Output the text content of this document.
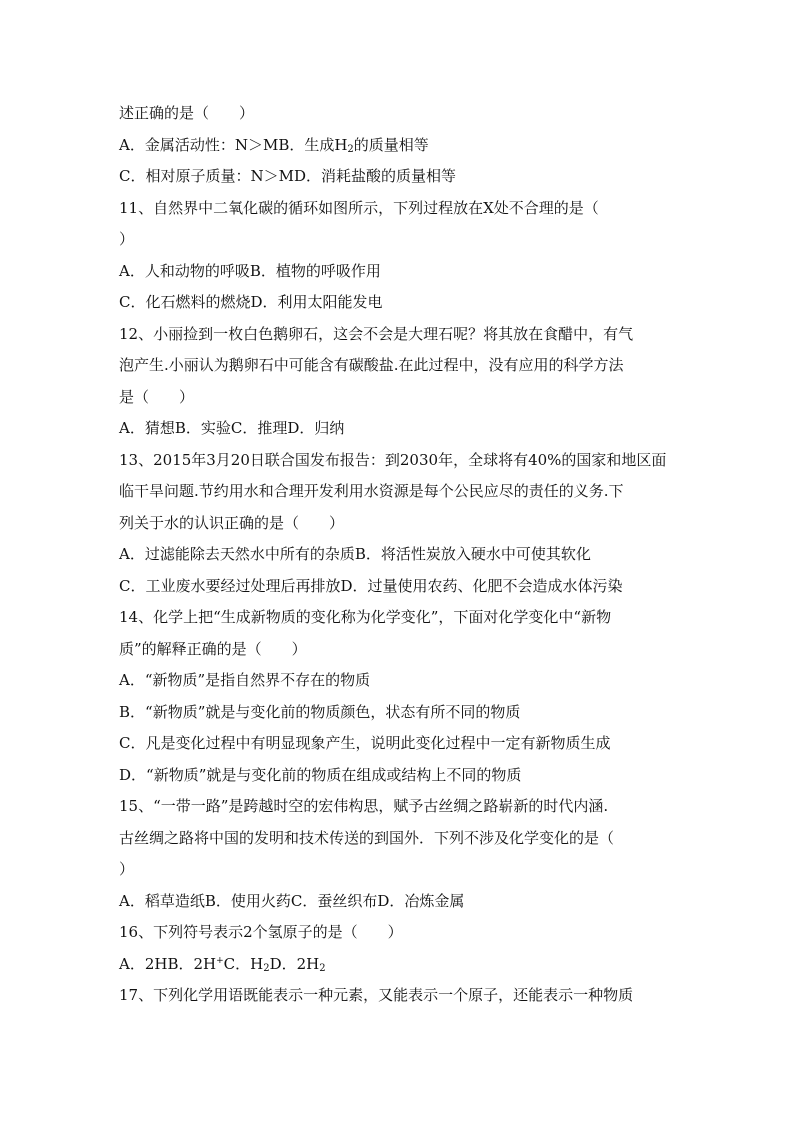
述正确的是（　　）
A．金属活动性：N＞MB．生成$H_2$的质量相等
C．相对原子质量：N＞MD．消耗盐酸的质量相等
11、自然界中二氧化碳的循环如图所示，下列过程放在X处不合理的是（
）
A．人和动物的呼吸B．植物的呼吸作用
C．化石燃料的燃烧D．利用太阳能发电
12、小丽捡到一枚白色鹅卵石，这会不会是大理石呢？将其放在食醋中，有气
泡产生.小丽认为鹅卵石中可能含有碳酸盐.在此过程中，没有应用的科学方法
是（　　）
A．猜想B．实验C．推理D．归纳
13、2015年3月20日联合国发布报告：到2030年，全球将有40%的国家和地区面
临干旱问题.节约用水和合理开发利用水资源是每个公民应尽的责任的义务.下
列关于水的认识正确的是（　　）
A．过滤能除去天然水中所有的杂质B．将活性炭放入硬水中可使其软化
C．工业废水要经过处理后再排放D．过量使用农药、化肥不会造成水体污染
14、化学上把“生成新物质的变化称为化学变化”，下面对化学变化中“新物
质”的解释正确的是（　　）
A．“新物质”是指自然界不存在的物质
B．“新物质”就是与变化前的物质颜色，状态有所不同的物质
C．凡是变化过程中有明显现象产生，说明此变化过程中一定有新物质生成
D．“新物质”就是与变化前的物质在组成或结构上不同的物质
15、“一带一路”是跨越时空的宏伟构思，赋予古丝绸之路崭新的时代内涵.
古丝绸之路将中国的发明和技术传送的到国外．下列不涉及化学变化的是（
）
A．稻草造纸B．使用火药C．蚕丝织布D．冶炼金属
16、下列符号表示2个氢原子的是（　　）
A．2HB．2H+C．$H_2D$．$2H_2$
17、下列化学用语既能表示一种元素，又能表示一个原子，还能表示一种物质
